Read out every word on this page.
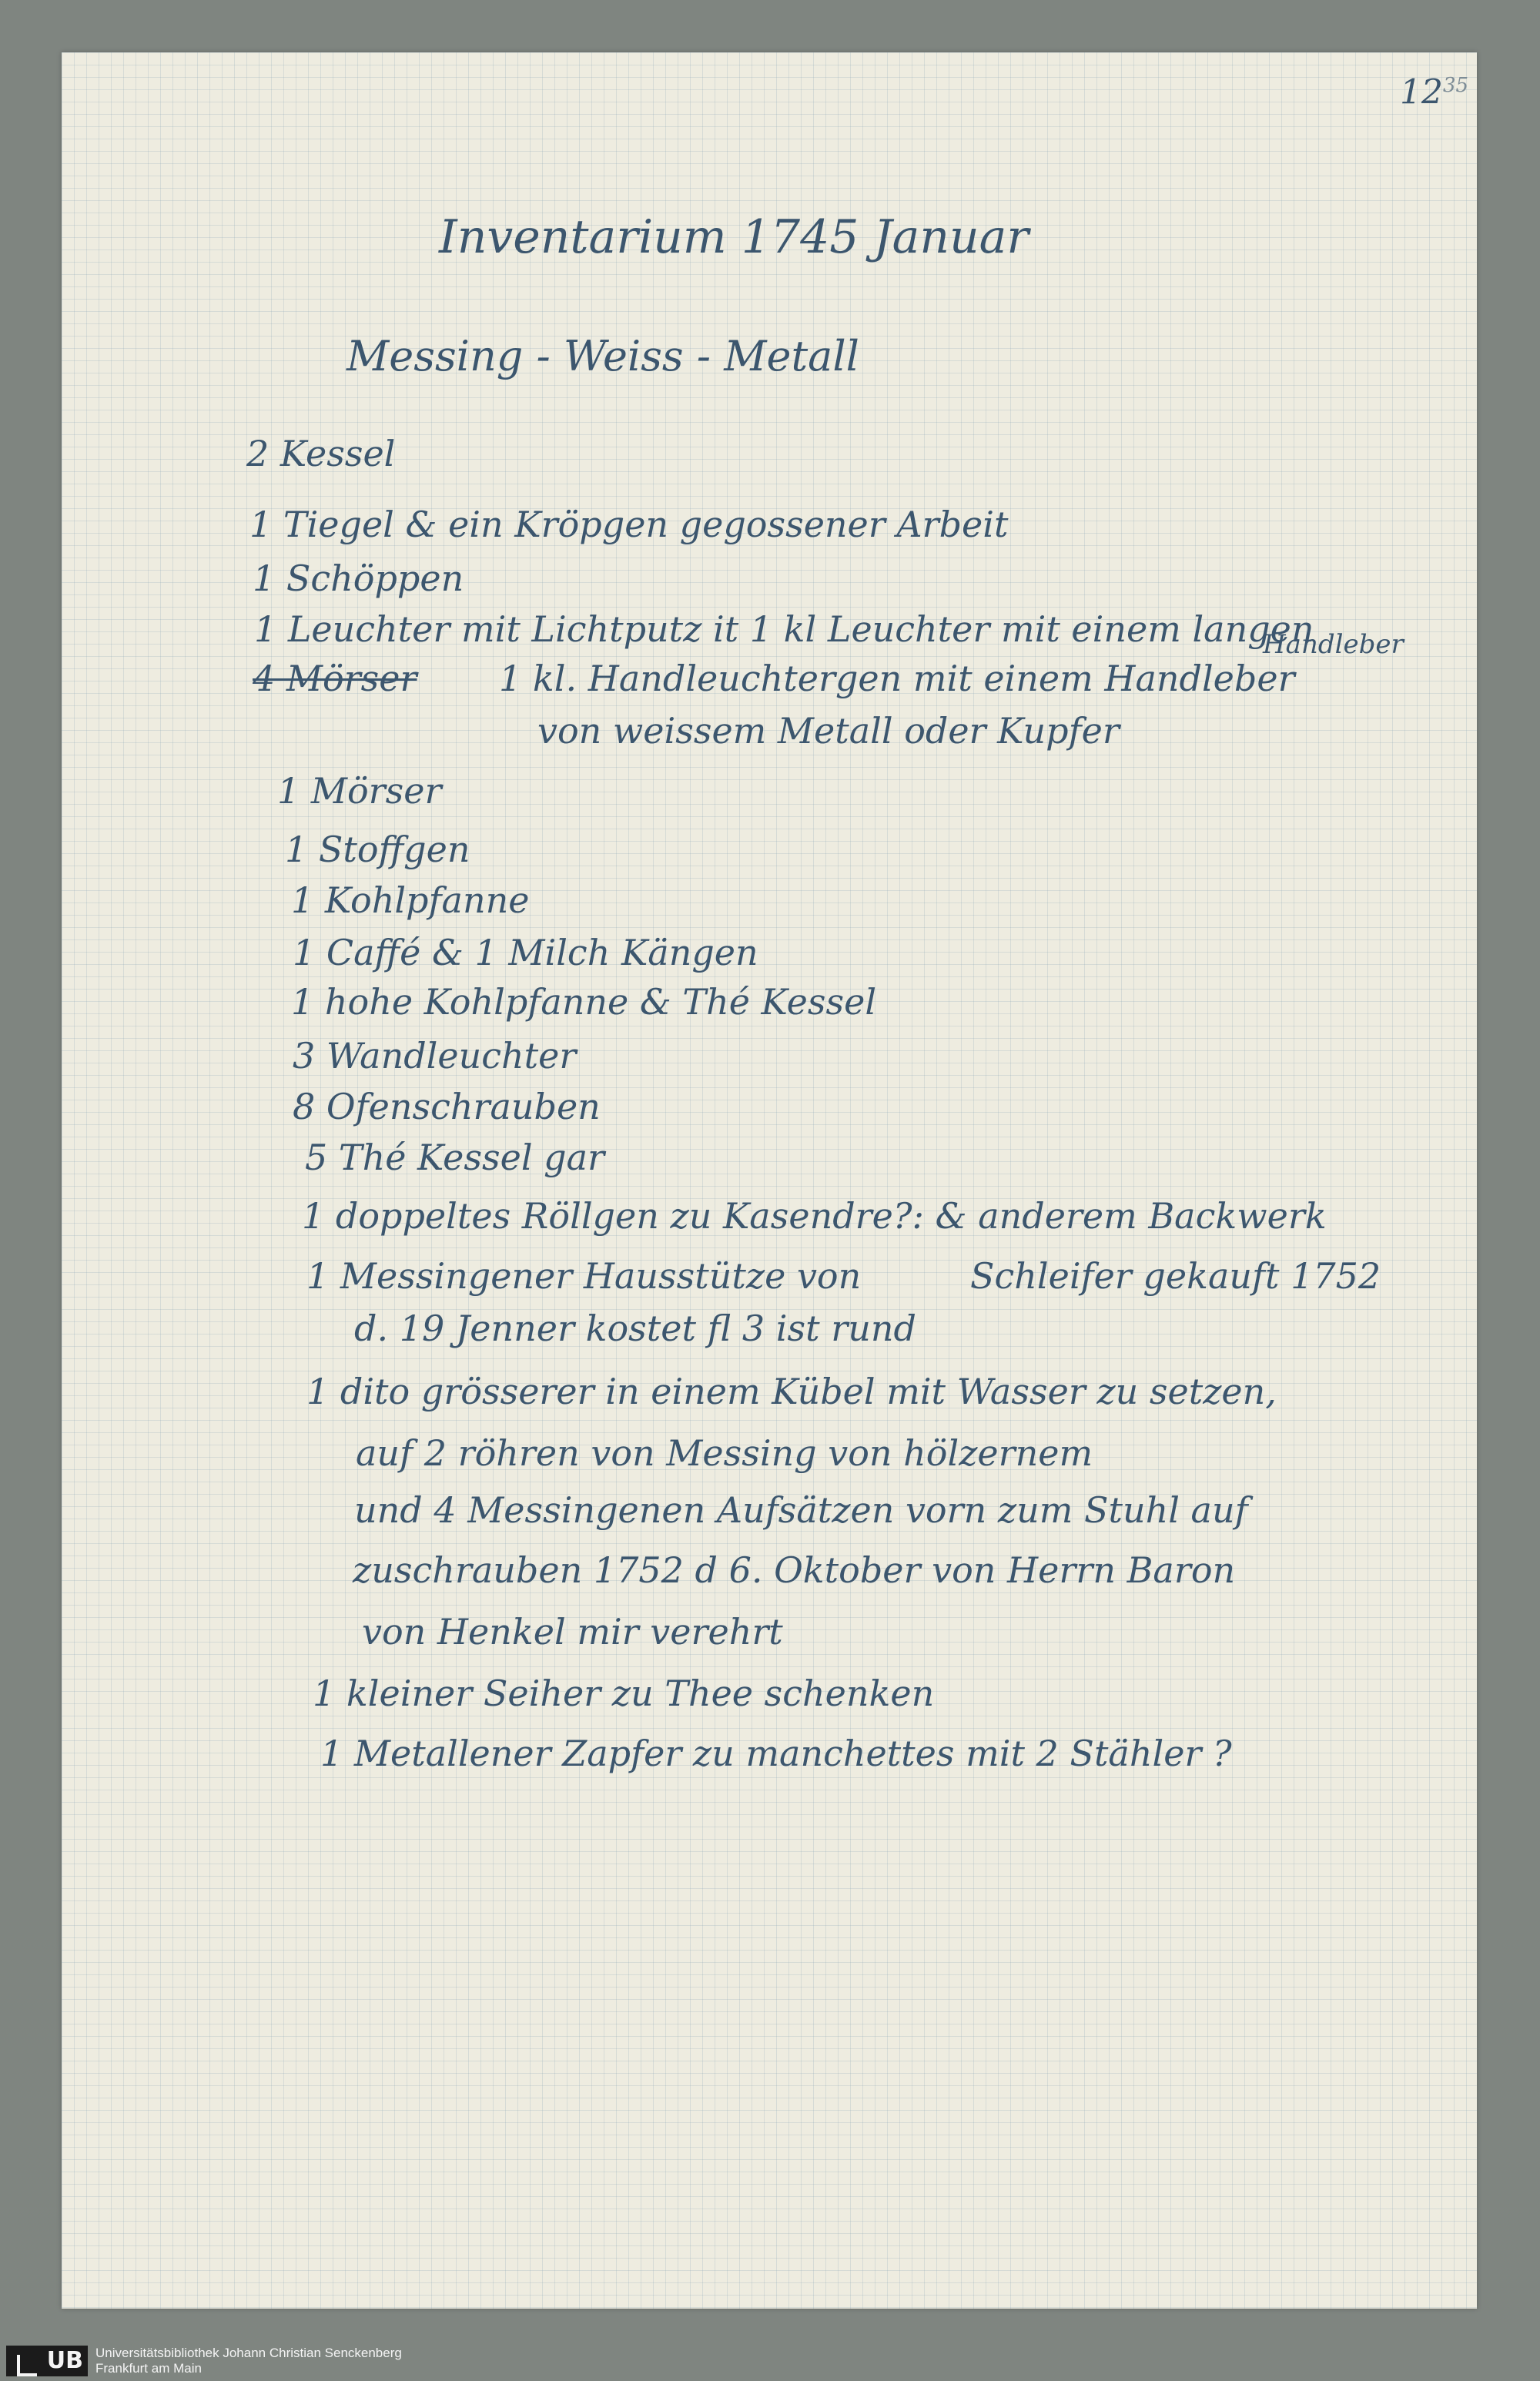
$12^{35}$
Inventarium 1745 Januar
Messing - Weiss - Metall
2 Kessel
1 Tiegel & ein Kröpgen gegossener Arbeit
1 Schöppen
1 Leuchter mit Lichtputz it 1 kl Leuchter mit einem langen
Handleber
4 Mörser 1 kl. Handleuchtergen mit einem Handleber
von weissem Metall oder Kupfer
1 Mörser
1 Stoffgen
1 Kohlpfanne
1 Caffé & 1 Milch Kängen
1 hohe Kohlpfanne & Thé Kessel
3 Wandleuchter
8 Ofenschrauben
5 Thé Kessel gar
1 doppeltes Röllgen zu Kasendre?: & anderem Backwerk
1 Messingener Hausstütze von	Schleifer gekauft 1752
d. 19 Jenner kostet fl 3 ist rund
1 dito grösserer in einem Kübel mit Wasser zu setzen,
auf 2 röhren von Messing von hölzernem
und 4 Messingenen Aufsätzen vorn zum Stuhl auf
zuschrauben 1752 d 6. Oktober von Herrn Baron
von Henkel mir verehrt
1 kleiner Seiher zu Thee schenken
1 Metallener Zapfer zu manchettes mit 2 Stähler ?
UB Universitätsbibliothek Johann Christian Senckenberg
Frankfurt am Main
